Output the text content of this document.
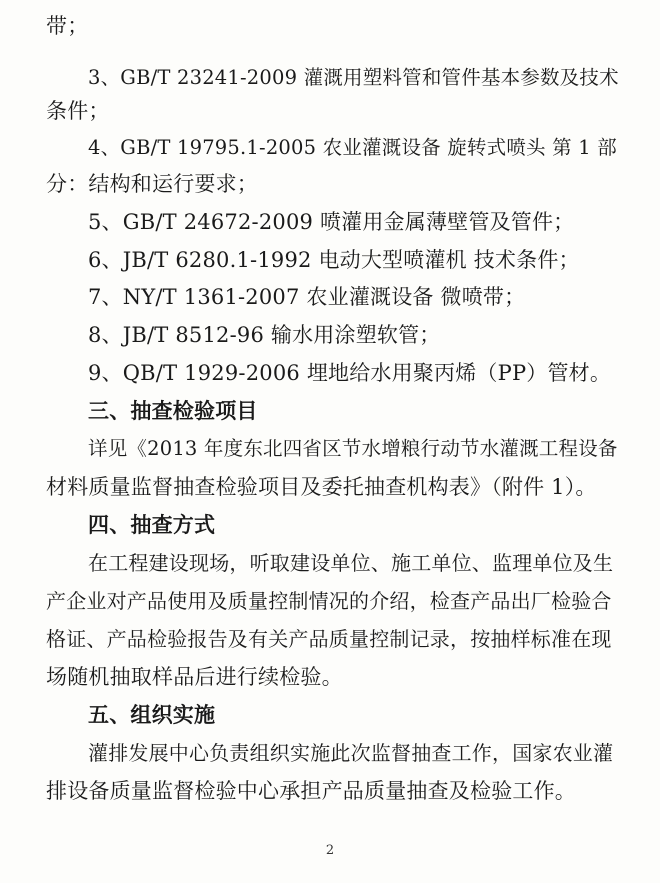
带；
3、GB/T 23241-2009 灌溉用塑料管和管件基本参数及技术
条件；
4、GB/T 19795.1-2005 农业灌溉设备 旋转式喷头 第 1 部
分：结构和运行要求；
5、GB/T 24672-2009 喷灌用金属薄壁管及管件；
6、JB/T 6280.1-1992 电动大型喷灌机 技术条件；
7、NY/T 1361-2007 农业灌溉设备 微喷带；
8、JB/T 8512-96 输水用涂塑软管；
9、QB/T 1929-2006 埋地给水用聚丙烯（PP）管材。
三、抽查检验项目
详见《2013 年度东北四省区节水增粮行动节水灌溉工程设备
材料质量监督抽查检验项目及委托抽查机构表》（附件 1）。
四、抽查方式
在工程建设现场，听取建设单位、施工单位、监理单位及生
产企业对产品使用及质量控制情况的介绍，检查产品出厂检验合
格证、产品检验报告及有关产品质量控制记录，按抽样标准在现
场随机抽取样品后进行续检验。
五、组织实施
灌排发展中心负责组织实施此次监督抽查工作，国家农业灌
排设备质量监督检验中心承担产品质量抽查及检验工作。
2
